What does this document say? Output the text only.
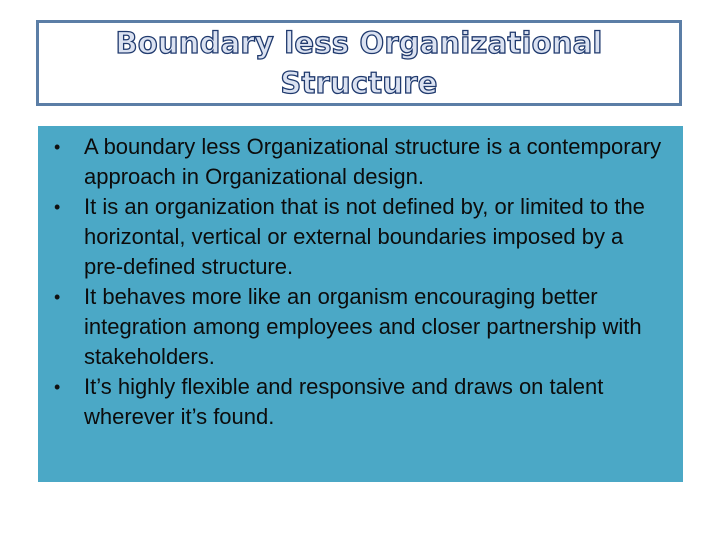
Boundary less Organizational
Structure
• A boundary less Organizational structure is a contemporary approach in Organizational design.
• It is an organization that is not defined by, or limited to the horizontal, vertical or external boundaries imposed by a pre-defined structure.
• It behaves more like an organism encouraging better integration among employees and closer partnership with stakeholders.
• It’s highly flexible and responsive and draws on talent wherever it’s found.
